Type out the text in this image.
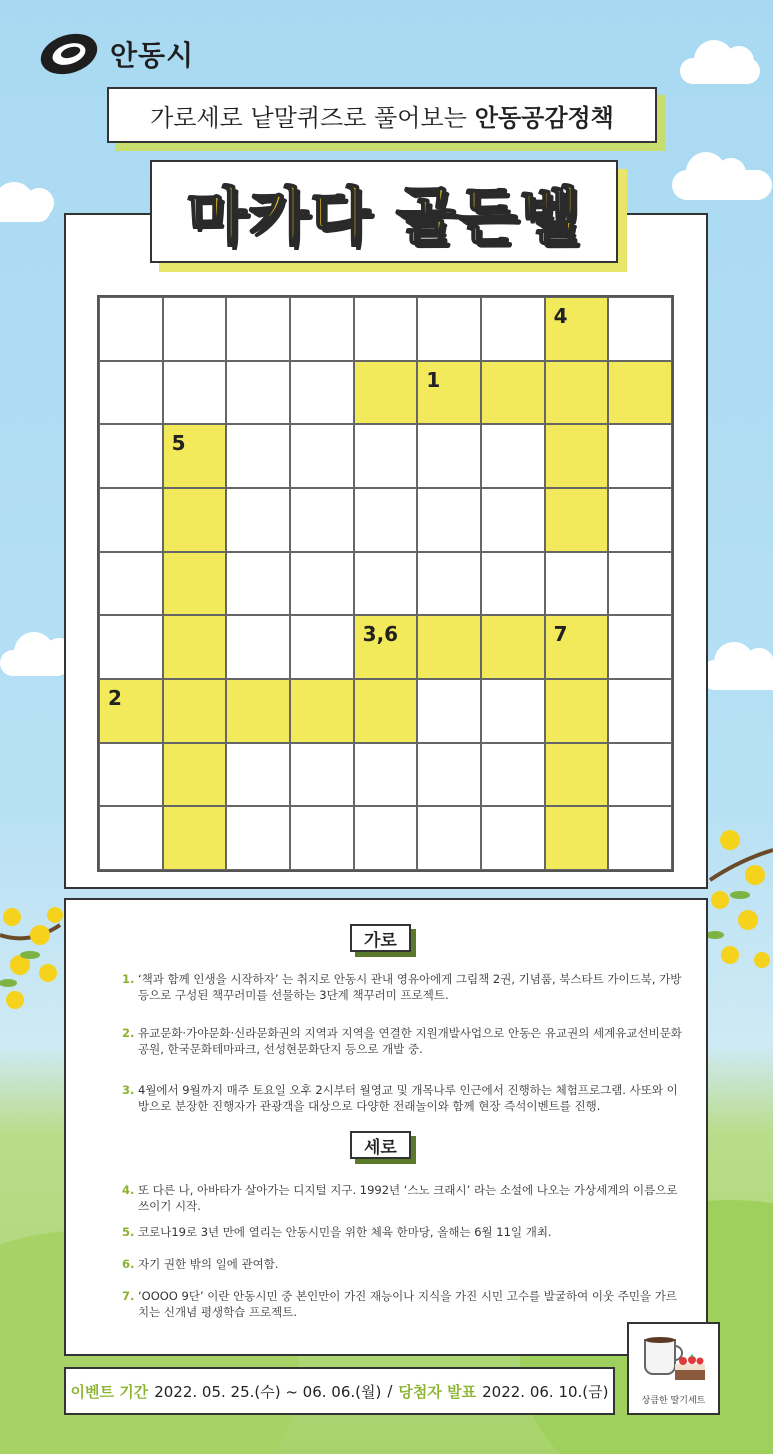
안동시
가로세로 낱말퀴즈로 풀어보는 안동공감정책
마카다 골든벨
4
1
5
3,6	7
2
가로
1. ‘책과 함께 인생을 시작하자’ 는 취지로 안동시 관내 영유아에게 그림책 2권, 기념품, 북스타트 가이드북, 가방 등으로 구성된 책꾸러미를 선물하는 3단계 책꾸러미 프로젝트.
2. 유교문화·가야문화·신라문화권의 지역과 지역을 연결한 지원개발사업으로 안동은 유교권의 세계유교선비문화공원, 한국문화테마파크, 선성현문화단지 등으로 개발 중.
3. 4월에서 9월까지 매주 토요일 오후 2시부터 월영교 및 개목나루 인근에서 진행하는 체험프로그램. 사또와 이방으로 분장한 진행자가 관광객을 대상으로 다양한 전래놀이와 함께 현장 즉석이벤트를 진행.
세로
4. 또 다른 나, 아바타가 살아가는 디지털 지구. 1992년 ‘스노 크래시’ 라는 소설에 나오는 가상세계의 이름으로 쓰이기 시작.
5. 코로나19로 3년 만에 열리는 안동시민을 위한 체육 한마당, 올해는 6월 11일 개최.
6. 자기 권한 밖의 일에 관여함.
7. ‘OOOO 9단’ 이란 안동시민 중 본인만이 가진 재능이나 지식을 가진 시민 고수를 발굴하여 이웃 주민을 가르치는 신개념 평생학습 프로젝트.
이벤트 기간 2022. 05. 25.(수) ~ 06. 06.(월) / 당첨자 발표 2022. 06. 10.(금)
상큼한 딸기세트
